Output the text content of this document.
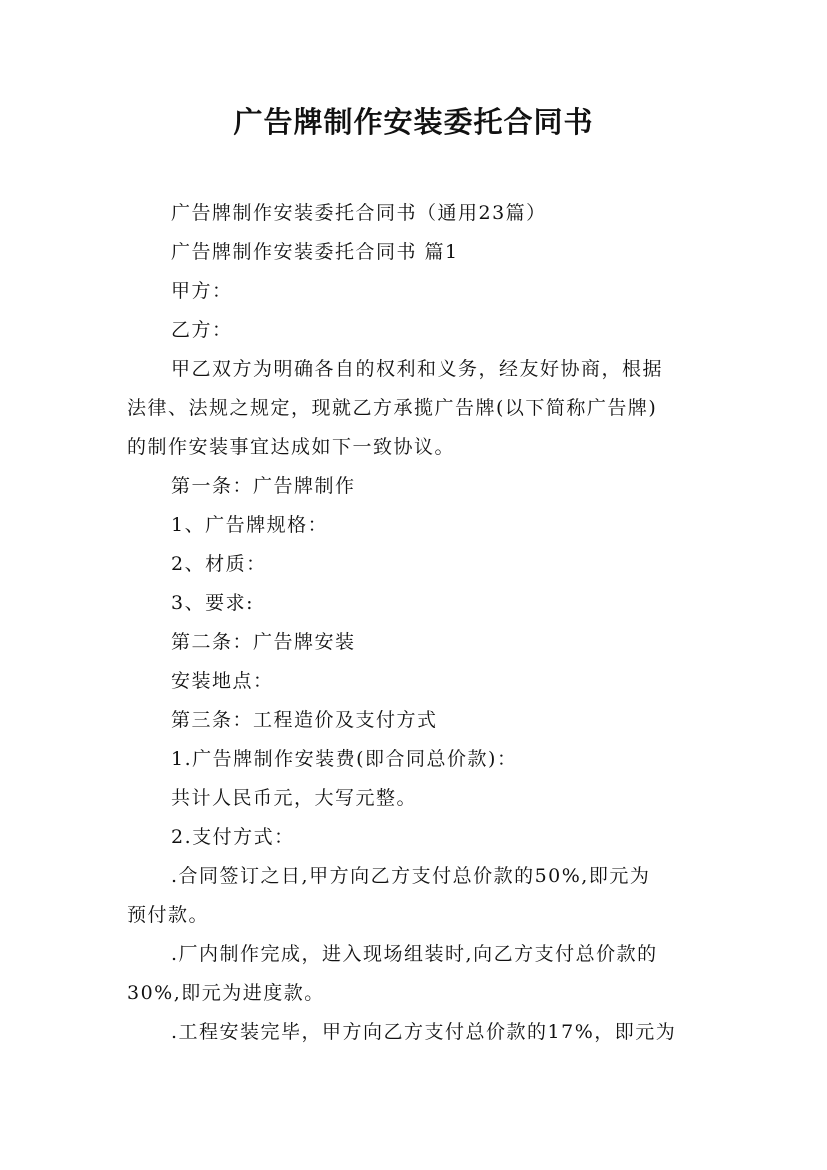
广告牌制作安装委托合同书
广告牌制作安装委托合同书（通用23篇）
广告牌制作安装委托合同书 篇1
甲方：
乙方：
甲乙双方为明确各自的权利和义务，经友好协商，根据
法律、法规之规定，现就乙方承揽广告牌(以下简称广告牌)
的制作安装事宜达成如下一致协议。
第一条：广告牌制作
1、广告牌规格：
2、材质：
3、要求:
第二条：广告牌安装
安装地点：
第三条：工程造价及支付方式
1.广告牌制作安装费(即合同总价款)：
共计人民币元，大写元整。
2.支付方式：
.合同签订之日,甲方向乙方支付总价款的50%,即元为
预付款。
.厂内制作完成，进入现场组装时,向乙方支付总价款的
30%,即元为进度款。
.工程安装完毕，甲方向乙方支付总价款的17%，即元为
